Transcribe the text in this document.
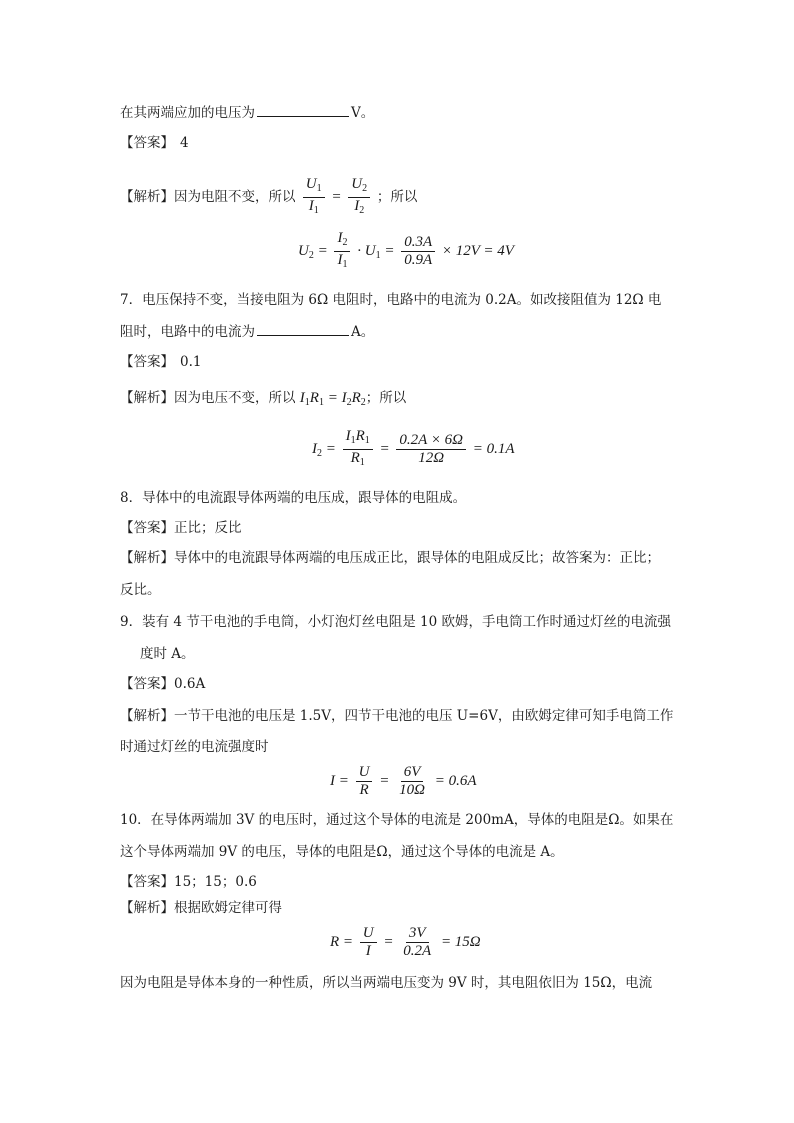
在其两端应加的电压为	V。
【答案】 4
【解析】因为电阻不变，所以 $\frac{U_1}{I_1} = \frac{U_2}{I_2}$ ；所以
$U_2 = \frac{I_2}{I_1} \cdot U_1 = \frac{0.3A}{0.9A} \times 12V = 4V$
7．电压保持不变，当接电阻为 6Ω 电阻时，电路中的电流为 0.2A。如改接阻值为 12Ω 电
阻时，电路中的电流为	A。
【答案】 0.1
【解析】因为电压不变，所以 $I_1R_1 = I_2R_2$；所以
$I_2 = \frac{I_1R_1}{R_1} = \frac{0.2A \times 6\Omega}{12\Omega} = 0.1A$
8．导体中的电流跟导体两端的电压成，跟导体的电阻成。
【答案】正比；反比
【解析】导体中的电流跟导体两端的电压成正比，跟导体的电阻成反比；故答案为：正比；
反比。
9．装有 4 节干电池的手电筒，小灯泡灯丝电阻是 10 欧姆，手电筒工作时通过灯丝的电流强
度时 A。
【答案】0.6A
【解析】一节干电池的电压是 1.5V，四节干电池的电压 U=6V，由欧姆定律可知手电筒工作
时通过灯丝的电流强度时
$I = \frac{U}{R} = \frac{6V}{10\Omega} = 0.6A$
10．在导体两端加 3V 的电压时，通过这个导体的电流是 200mA，导体的电阻是Ω。如果在
这个导体两端加 9V 的电压，导体的电阻是Ω，通过这个导体的电流是 A。
【答案】15；15；0.6
【解析】根据欧姆定律可得
$R = \frac{U}{I} = \frac{3V}{0.2A} = 15\Omega$
因为电阻是导体本身的一种性质，所以当两端电压变为 9V 时，其电阻依旧为 15Ω，电流
